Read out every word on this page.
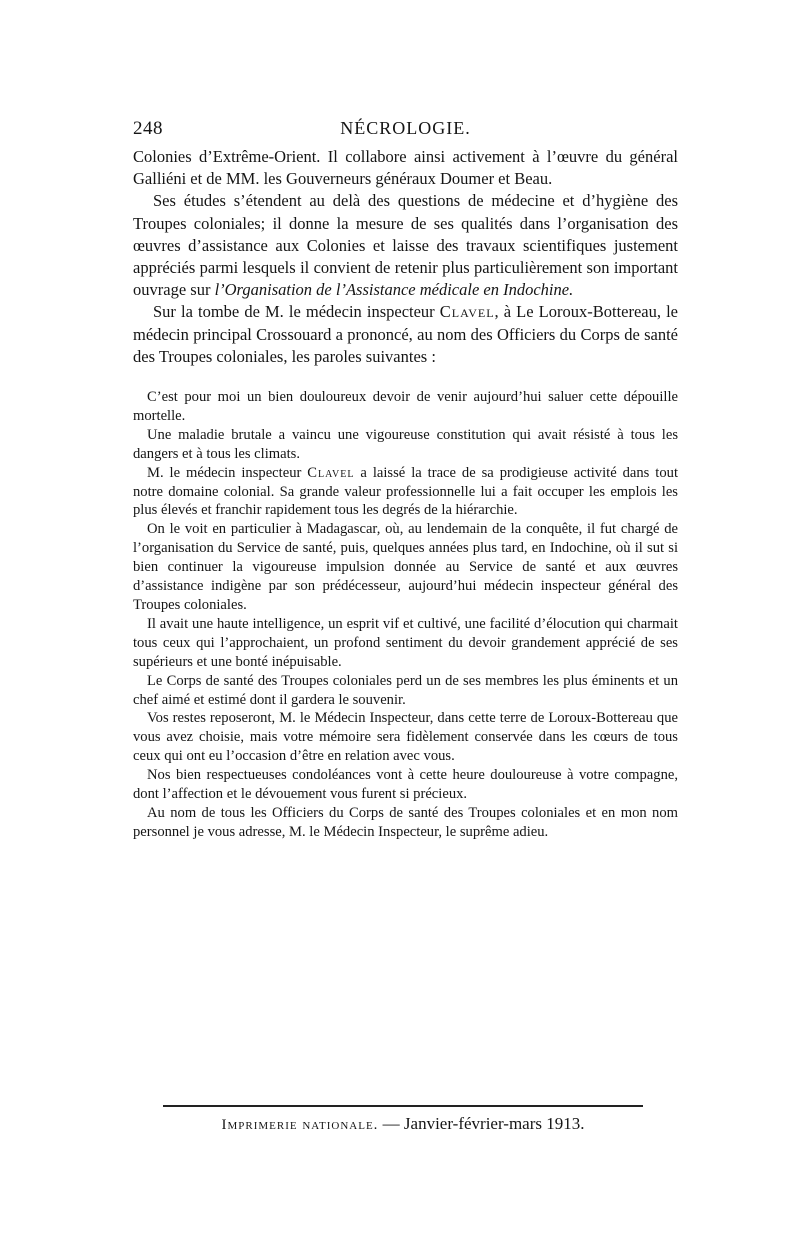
248	NÉCROLOGIE.

Colonies d’Extrême-Orient. Il collabore ainsi activement à l’œuvre du général Galliéni et de MM. les Gouverneurs généraux Doumer et Beau.

Ses études s’étendent au delà des questions de médecine et d’hygiène des Troupes coloniales; il donne la mesure de ses qualités dans l’organisation des œuvres d’assistance aux Colonies et laisse des travaux scientifiques justement appréciés parmi lesquels il convient de retenir plus particulièrement son important ouvrage sur l’Organisation de l’Assistance médicale en Indochine.

Sur la tombe de M. le médecin inspecteur Clavel, à Le Loroux-Bottereau, le médecin principal Crossouard a prononcé, au nom des Officiers du Corps de santé des Troupes coloniales, les paroles suivantes :

C’est pour moi un bien douloureux devoir de venir aujourd’hui saluer cette dépouille mortelle.

Une maladie brutale a vaincu une vigoureuse constitution qui avait résisté à tous les dangers et à tous les climats.

M. le médecin inspecteur Clavel a laissé la trace de sa prodigieuse activité dans tout notre domaine colonial. Sa grande valeur professionnelle lui a fait occuper les emplois les plus élevés et franchir rapidement tous les degrés de la hiérarchie.

On le voit en particulier à Madagascar, où, au lendemain de la conquête, il fut chargé de l’organisation du Service de santé, puis, quelques années plus tard, en Indochine, où il sut si bien continuer la vigoureuse impulsion donnée au Service de santé et aux œuvres d’assistance indigène par son prédécesseur, aujourd’hui médecin inspecteur général des Troupes coloniales.

Il avait une haute intelligence, un esprit vif et cultivé, une facilité d’élocution qui charmait tous ceux qui l’approchaient, un profond sentiment du devoir grandement apprécié de ses supérieurs et une bonté inépuisable.

Le Corps de santé des Troupes coloniales perd un de ses membres les plus éminents et un chef aimé et estimé dont il gardera le souvenir.

Vos restes reposeront, M. le Médecin Inspecteur, dans cette terre de Loroux-Bottereau que vous avez choisie, mais votre mémoire sera fidèlement conservée dans les cœurs de tous ceux qui ont eu l’occasion d’être en relation avec vous.

Nos bien respectueuses condoléances vont à cette heure douloureuse à votre compagne, dont l’affection et le dévouement vous furent si précieux.

Au nom de tous les Officiers du Corps de santé des Troupes coloniales et en mon nom personnel je vous adresse, M. le Médecin Inspecteur, le suprême adieu.

Imprimerie nationale. — Janvier-février-mars 1913.
